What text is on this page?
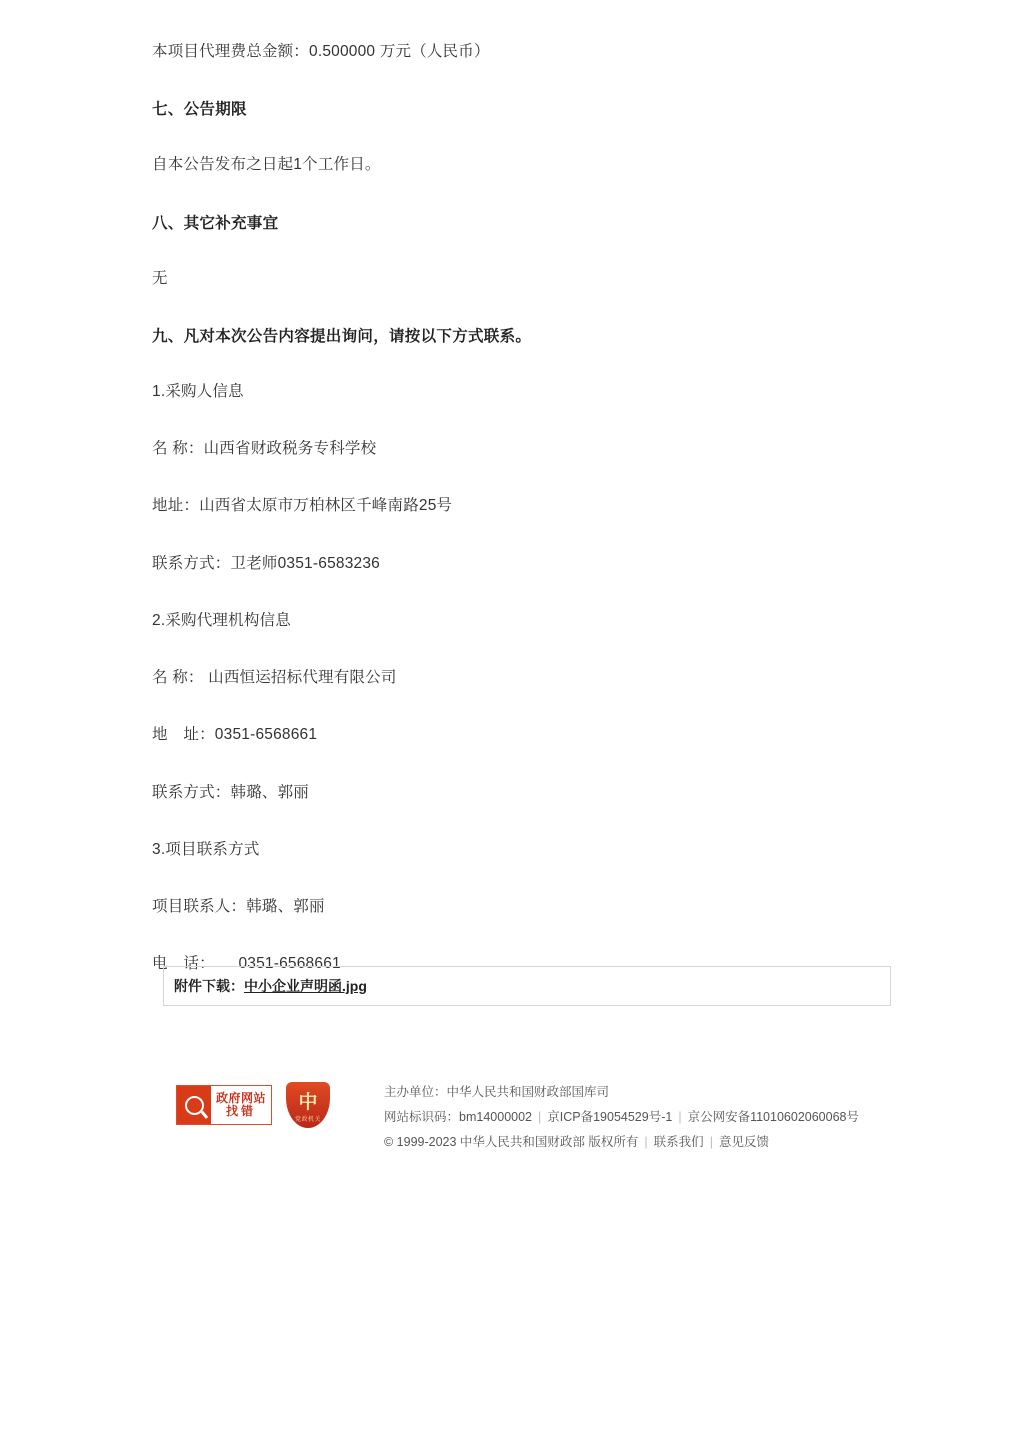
本项目代理费总金额：0.500000 万元（人民币）

七、公告期限

自本公告发布之日起1个工作日。

八、其它补充事宜

无

九、凡对本次公告内容提出询问，请按以下方式联系。

1.采购人信息

名 称：山西省财政税务专科学校

地址：山西省太原市万柏林区千峰南路25号

联系方式：卫老师0351-6583236

2.采购代理机构信息

名 称： 山西恒运招标代理有限公司

地　址：0351-6568661

联系方式：韩璐、郭丽

3.项目联系方式

项目联系人：韩璐、郭丽

电　话：　　0351-6568661

附件下载： 中小企业声明函.jpg
政府网站
找错	中
党政机关
主办单位：中华人民共和国财政部国库司
网站标识码：bm14000002 | 京ICP备19054529号-1 | 京公网安备11010602060068号
© 1999-2023 中华人民共和国财政部 版权所有 | 联系我们 | 意见反馈
